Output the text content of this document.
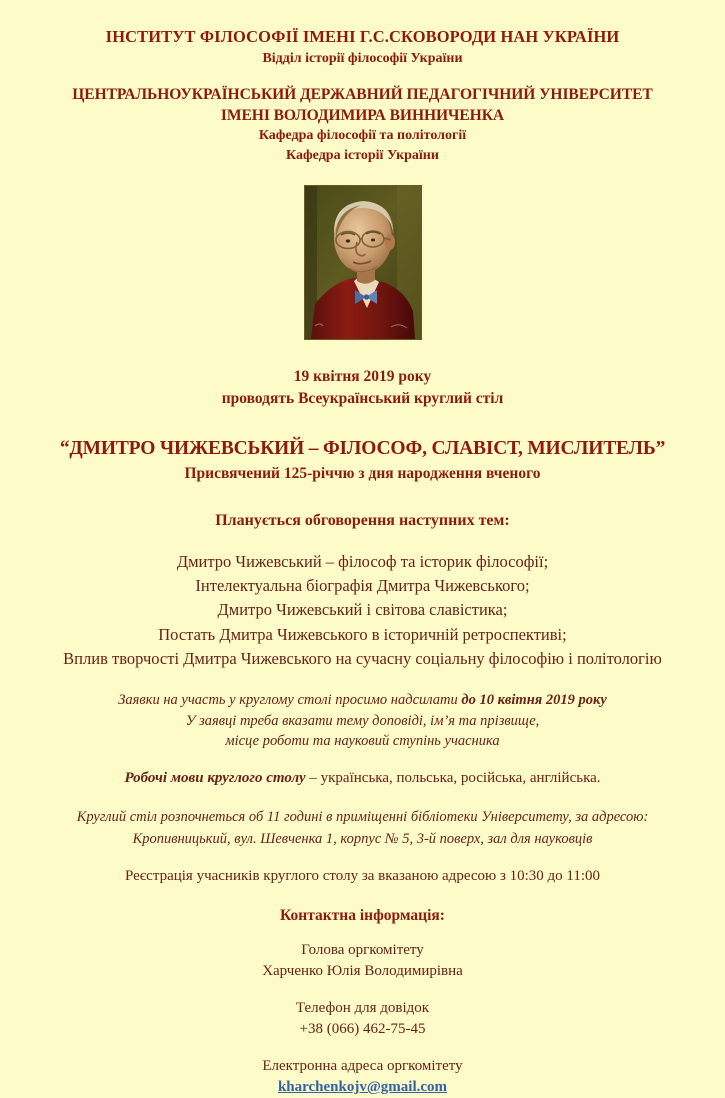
ІНСТИТУТ ФІЛОСОФІЇ ІМЕНІ Г.С.СКОВОРОДИ НАН УКРАЇНИ
Відділ історії філософії України
ЦЕНТРАЛЬНОУКРАЇНСЬКИЙ ДЕРЖАВНИЙ ПЕДАГОГІЧНИЙ УНІВЕРСИТЕТ
ІМЕНІ ВОЛОДИМИРА ВИННИЧЕНКА
Кафедра філософії та політології
Кафедра історії України
19 квітня 2019 року
проводять Всеукраїнський круглий стіл
“ДМИТРО ЧИЖЕВСЬКИЙ – ФІЛОСОФ, СЛАВІСТ, МИСЛИТЕЛЬ”
Присвячений 125-річчю з дня народження вченого
Планується обговорення наступних тем:
Дмитро Чижевський – філософ та історик філософії;
Інтелектуальна біографія Дмитра Чижевського;
Дмитро Чижевський і світова славістика;
Постать Дмитра Чижевського в історичній ретроспективі;
Вплив творчості Дмитра Чижевського на сучасну соціальну філософію і політологію
Заявки на участь у круглому столі просимо надсилати до 10 квітня 2019 року
У заявці треба вказати тему доповіді, ім’я та прізвище,
місце роботи та науковий ступінь учасника
Робочі мови круглого столу – українська, польська, російська, англійська.
Круглий стіл розпочнеться об 11 годині в приміщенні бібліотеки Університету, за адресою:
Кропивницький, вул. Шевченка 1, корпус № 5, 3-й поверх, зал для науковців
Реєстрація учасників круглого столу за вказаною адресою з 10:30 до 11:00
Контактна інформація:
Голова оргкомітету
Харченко Юлія Володимирівна
Телефон для довідок
+38 (066) 462-75-45
Електронна адреса оргкомітету
kharchenkojv@gmail.com
